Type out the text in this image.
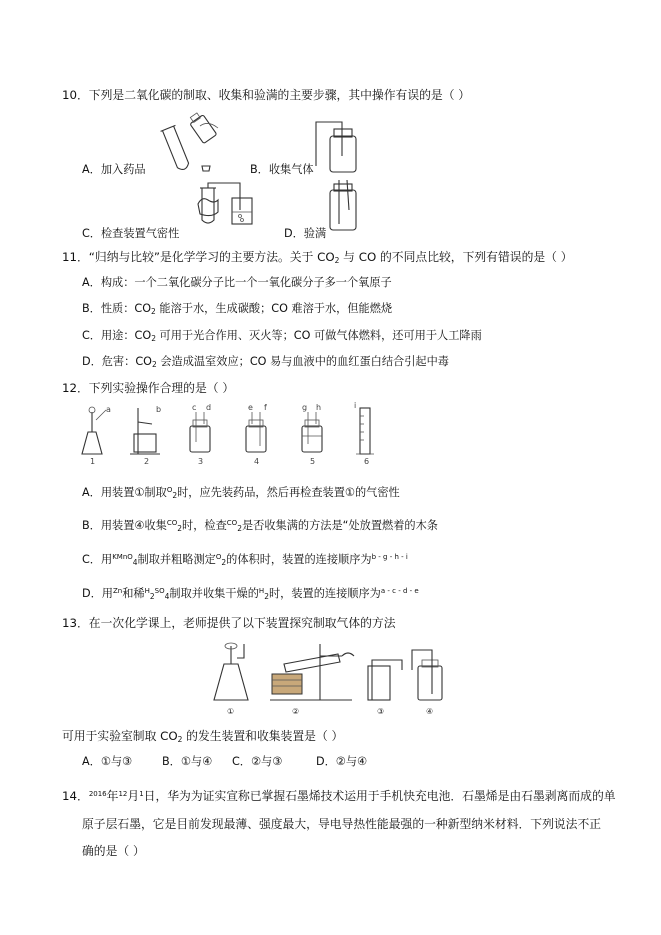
10．下列是二氧化碳的制取、收集和验满的主要步骤，其中操作有误的是（ ）
A．加入药品	B．收集气体
C．检查装置气密性	D．验满
11．“归纳与比较”是化学学习的主要方法。关于 $CO_2$ 与 CO 的不同点比较，下列有错误的是（ ）
A．构成：一个二氧化碳分子比一个一氧化碳分子多一个氧原子
B．性质：$CO_2$ 能溶于水，生成碳酸；CO 难溶于水，但能燃烧
C．用途：$CO_2$ 可用于光合作用、灭火等；CO 可做气体燃料，还可用于人工降雨
D．危害：$CO_2$ 会造成温室效应；CO 易与血液中的血红蛋白结合引起中毒
12．下列实验操作合理的是（ ）
a
1
b
2
c d
3
e f
4
g h
5
i
6
A．用装置①制取$^O_2$时，应先装药品，然后再检查装置①的气密性
B．用装置④收集$^{CO}_2$时，检查$^{CO}_2$是否收集满的方法是“处放置燃着的木条
C．用$^{KMnO}_4$制取并粗略测定$^O_2$的体积时，装置的连接顺序为$^{b - g - h - i}$
D．用$^{Zn}$和稀$^H_2^{SO}_4$制取并收集干燥的$^H_2$时，装置的连接顺序为$^{a - c - d - e}$
13．在一次化学课上，老师提供了以下装置探究制取气体的方法
①	②	③	④
可用于实验室制取 $CO_2$ 的发生装置和收集装置是（ ）
A．①与③	B．①与④ C．②与③	D．②与④
14．$^{2016}$年$^{12}$月$^1$日，华为为证实宣称已掌握石墨烯技术运用于手机快充电池．石墨烯是由石墨剥离而成的单
原子层石墨，它是目前发现最薄、强度最大，导电导热性能最强的一种新型纳米材料．下列说法不正
确的是（ ）
